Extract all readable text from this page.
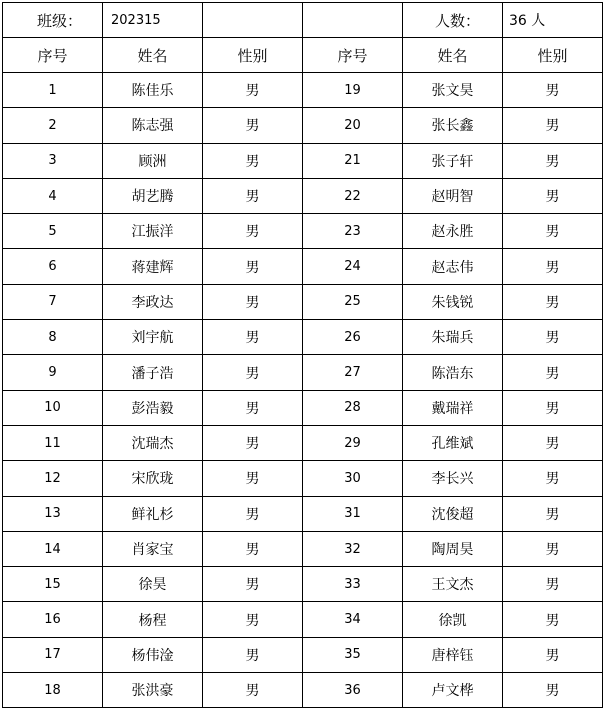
班级：	202315			人数：	36 人
序号	姓名	性别	序号	姓名	性别
1	陈佳乐	男	19	张文昊	男
2	陈志强	男	20	张长鑫	男
3	顾洲	男	21	张子轩	男
4	胡艺腾	男	22	赵明智	男
5	江振洋	男	23	赵永胜	男
6	蒋建辉	男	24	赵志伟	男
7	李政达	男	25	朱钱锐	男
8	刘宇航	男	26	朱瑞兵	男
9	潘子浩	男	27	陈浩东	男
10	彭浩毅	男	28	戴瑞祥	男
11	沈瑞杰	男	29	孔维斌	男
12	宋欣珑	男	30	李长兴	男
13	鲜礼杉	男	31	沈俊超	男
14	肖家宝	男	32	陶周昊	男
15	徐昊	男	33	王文杰	男
16	杨程	男	34	徐凯	男
17	杨伟淦	男	35	唐梓钰	男
18	张洪豪	男	36	卢文桦	男
